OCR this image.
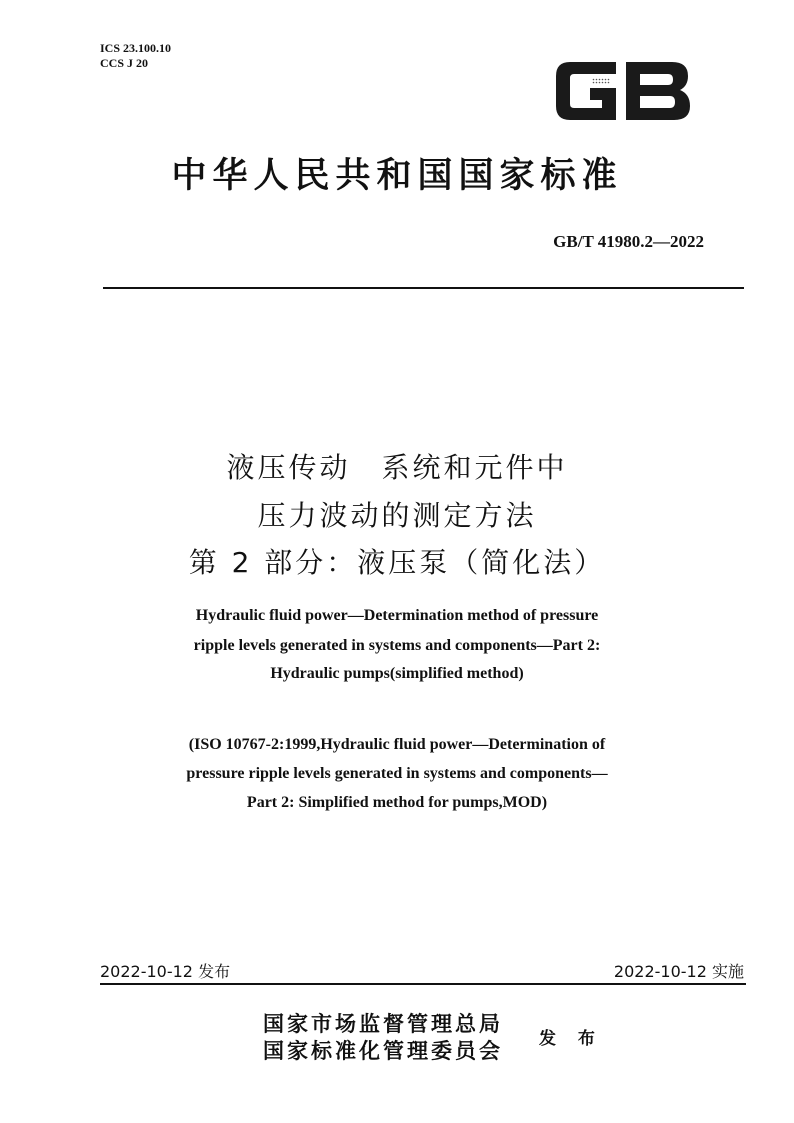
ICS 23.100.10
CCS J 20
中华人民共和国国家标准
GB/T 41980.2—2022
液压传动　系统和元件中
压力波动的测定方法
第 2 部分：液压泵（简化法）
Hydraulic fluid power—Determination method of pressure
ripple levels generated in systems and components—Part 2:
Hydraulic pumps(simplified method)
(ISO 10767-2:1999,Hydraulic fluid power—Determination of
pressure ripple levels generated in systems and components—
Part 2: Simplified method for pumps,MOD)
2022-10-12 发布	2022-10-12 实施
国家市场监督管理总局
国家标准化管理委员会 发 布
